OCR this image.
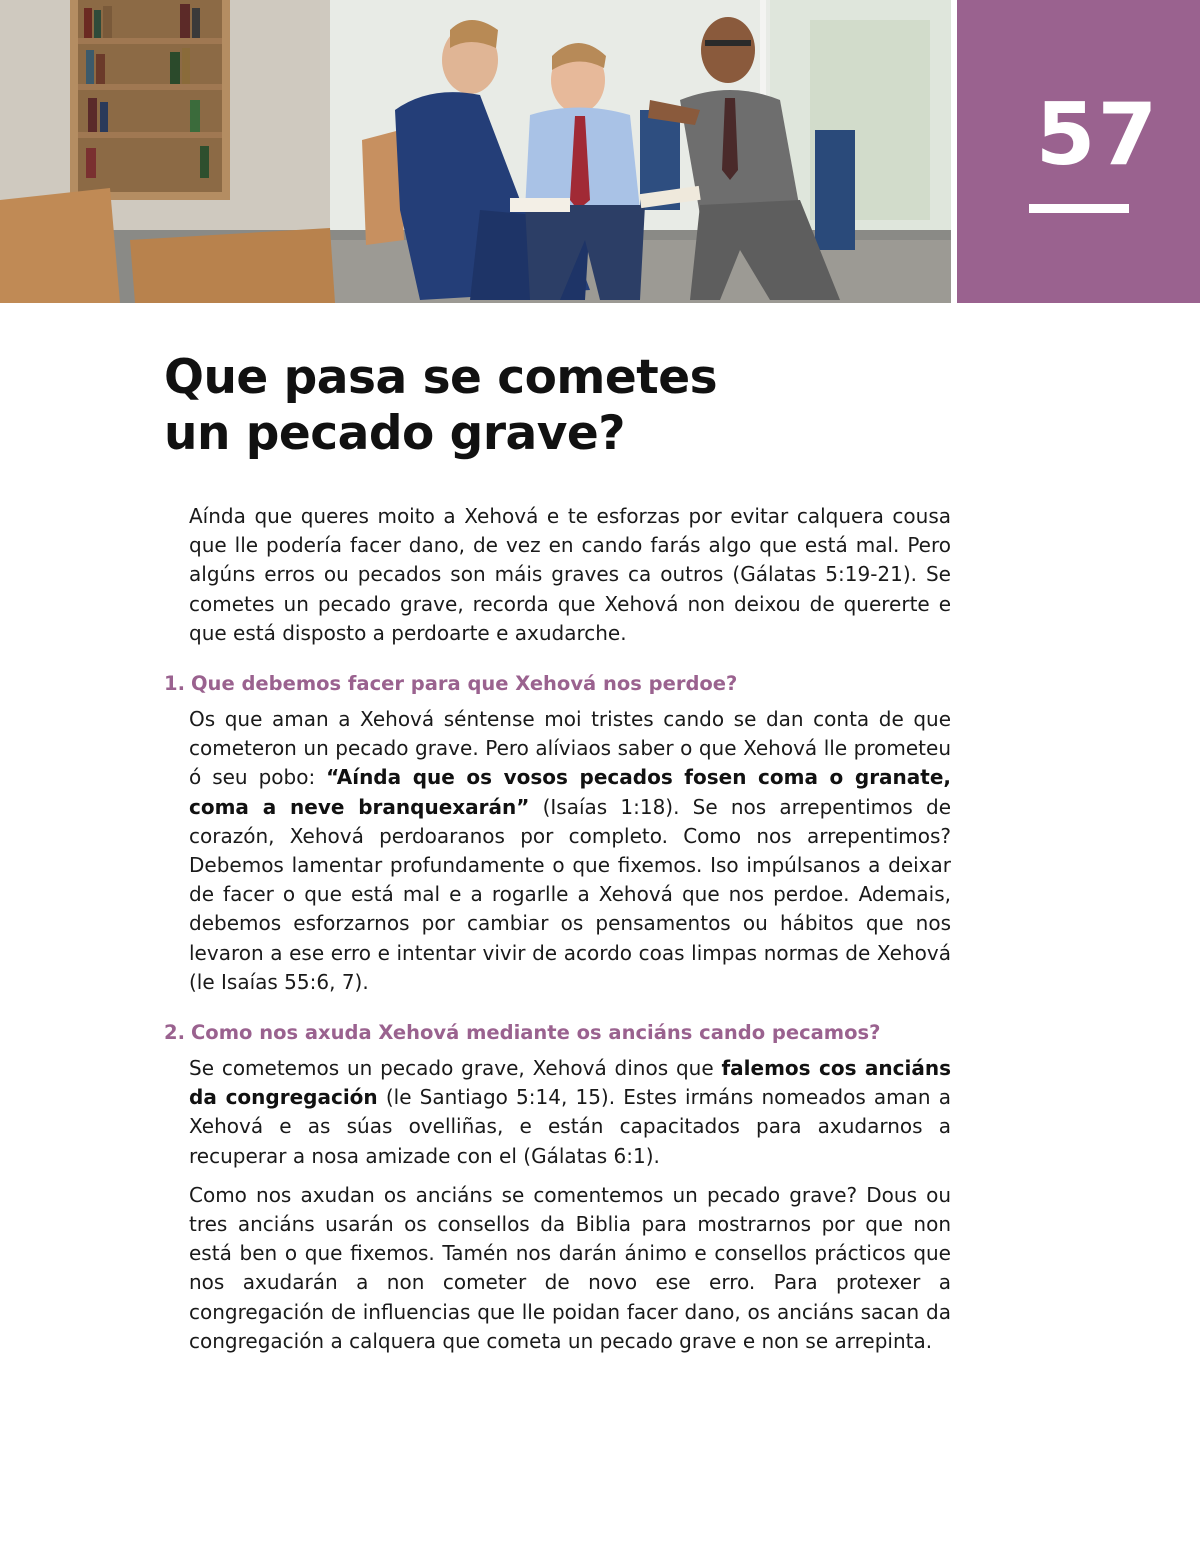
57
Que pasa se cometes
un pecado grave?

Aínda que queres moito a Xehová e te esforzas por evitar calquera cousa que lle podería facer dano, de vez en cando farás algo que está mal. Pero algúns erros ou pecados son máis graves ca outros (Gálatas 5:19-21). Se cometes un pecado grave, recorda que Xehová non deixou de quererte e que está disposto a perdoarte e axudarche.

1. Que debemos facer para que Xehová nos perdoe?

Os que aman a Xehová séntense moi tristes cando se dan conta de que cometeron un pecado grave. Pero alíviaos saber o que Xehová lle prometeu ó seu pobo: “Aínda que os vosos pecados fosen coma o granate, coma a neve branquexarán” (Isaías 1:18). Se nos arrepentimos de corazón, Xehová perdoaranos por completo. Como nos arrepentimos? Debemos lamentar profundamente o que fixemos. Iso impúlsanos a deixar de facer o que está mal e a rogarlle a Xehová que nos perdoe. Ademais, debemos esforzarnos por cambiar os pensamentos ou hábitos que nos levaron a ese erro e intentar vivir de acordo coas limpas normas de Xehová (le Isaías 55:6, 7).

2. Como nos axuda Xehová mediante os anciáns cando pecamos?

Se cometemos un pecado grave, Xehová dinos que falemos cos anciáns da congregación (le Santiago 5:14, 15). Estes irmáns nomeados aman a Xehová e as súas ovelliñas, e están capacitados para axudarnos a recuperar a nosa amizade con el (Gálatas 6:1).

Como nos axudan os anciáns se comentemos un pecado grave? Dous ou tres anciáns usarán os consellos da Biblia para mostrarnos por que non está ben o que fixemos. Tamén nos darán ánimo e consellos prácticos que nos axudarán a non cometer de novo ese erro. Para protexer a congregación de influencias que lle poidan facer dano, os anciáns sacan da congregación a calquera que cometa un pecado grave e non se arrepinta.
